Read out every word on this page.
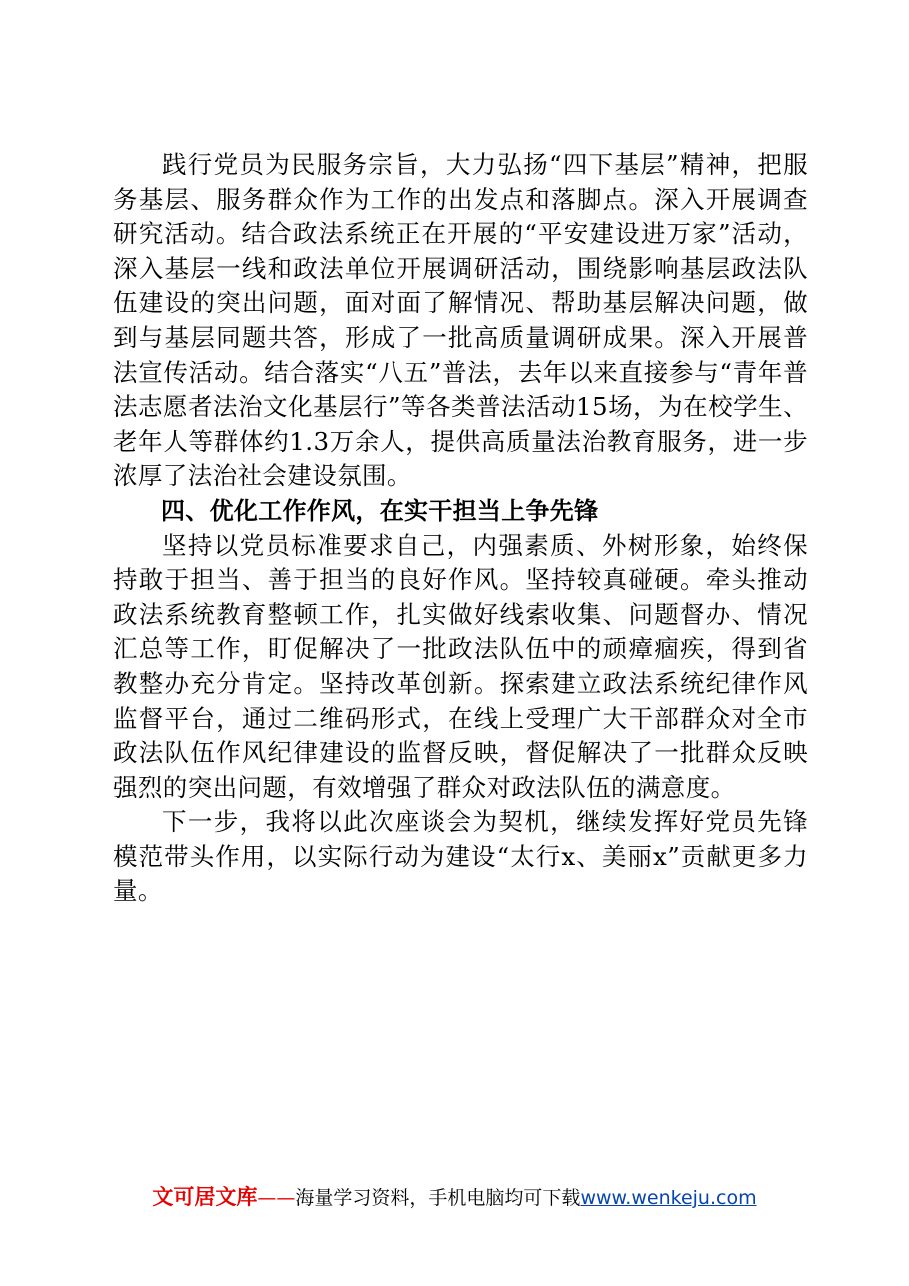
践行党员为民服务宗旨，大力弘扬“四下基层”精神，把服务基层、服务群众作为工作的出发点和落脚点。深入开展调查研究活动。结合政法系统正在开展的“平安建设进万家”活动，深入基层一线和政法单位开展调研活动，围绕影响基层政法队伍建设的突出问题，面对面了解情况、帮助基层解决问题，做到与基层同题共答，形成了一批高质量调研成果。深入开展普法宣传活动。结合落实“八五”普法，去年以来直接参与“青年普法志愿者法治文化基层行”等各类普法活动15场，为在校学生、老年人等群体约1.3万余人，提供高质量法治教育服务，进一步浓厚了法治社会建设氛围。

四、优化工作作风，在实干担当上争先锋

坚持以党员标准要求自己，内强素质、外树形象，始终保持敢于担当、善于担当的良好作风。坚持较真碰硬。牵头推动政法系统教育整顿工作，扎实做好线索收集、问题督办、情况汇总等工作，盯促解决了一批政法队伍中的顽瘴痼疾，得到省教整办充分肯定。坚持改革创新。探索建立政法系统纪律作风监督平台，通过二维码形式，在线上受理广大干部群众对全市政法队伍作风纪律建设的监督反映，督促解决了一批群众反映强烈的突出问题，有效增强了群众对政法队伍的满意度。

下一步，我将以此次座谈会为契机，继续发挥好党员先锋模范带头作用，以实际行动为建设“太行x、美丽x”贡献更多力量。

文可居文库——海量学习资料，手机电脑均可下载www.wenkeju.com
